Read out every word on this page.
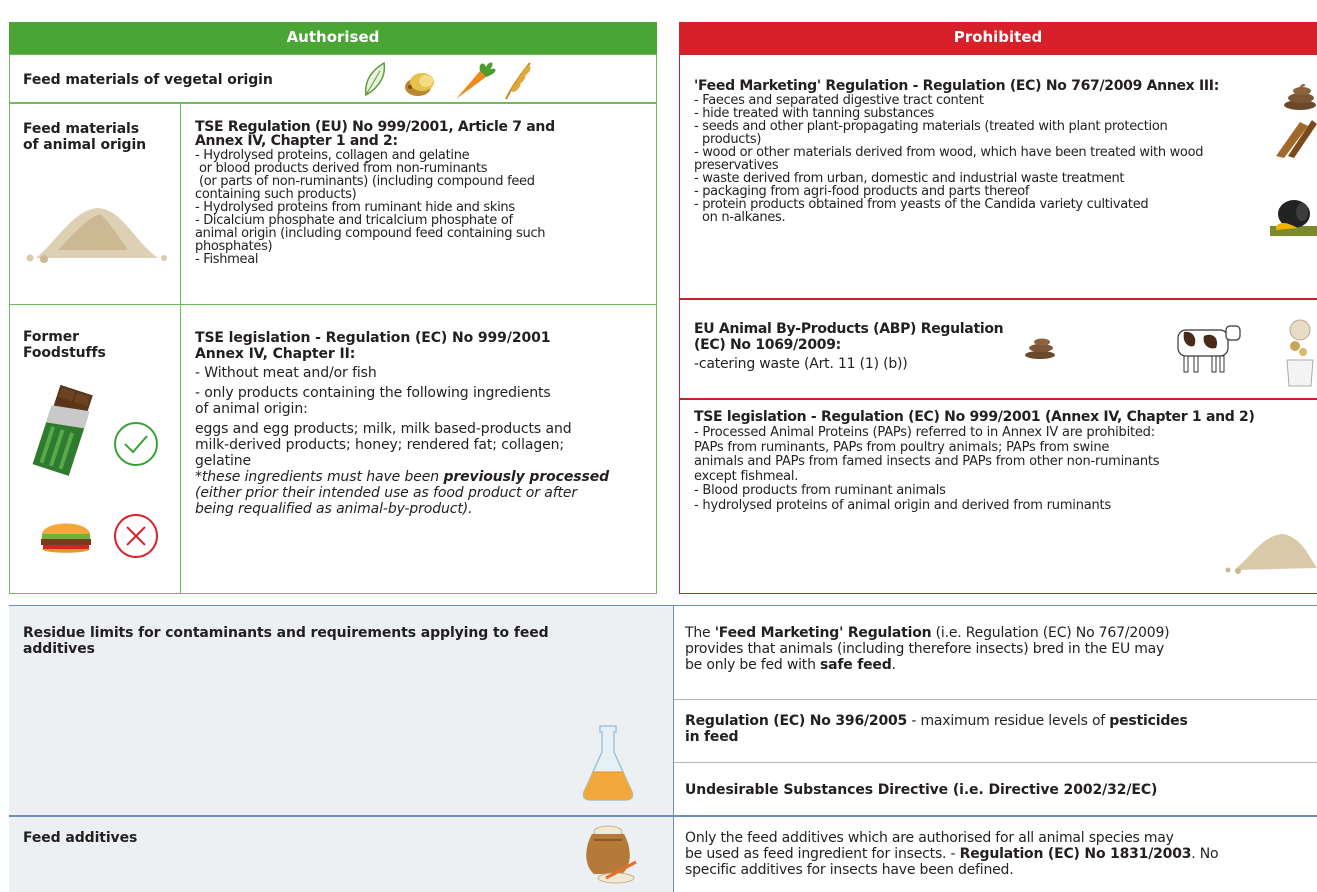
Authorised
Feed materials of vegetal origin
Feed materials
of animal origin
TSE Regulation (EU) No 999/2001, Article 7 and
Annex IV, Chapter 1 and 2:
- Hydrolysed proteins, collagen and gelatine
or blood products derived from non-ruminants
(or parts of non-ruminants) (including compound feed
containing such products)
- Hydrolysed proteins from ruminant hide and skins
- Dicalcium phosphate and tricalcium phosphate of
animal origin (including compound feed containing such
phosphates)
- Fishmeal
Former
Foodstuffs
TSE legislation - Regulation (EC) No 999/2001
Annex IV, Chapter II:
- Without meat and/or fish
- only products containing the following ingredients
of animal origin:
eggs and egg products; milk, milk based-products and
milk-derived products; honey; rendered fat; collagen;
gelatine

*these ingredients must have been previously processed

(either prior their intended use as food product or after

being requalified as animal-by-product).

Prohibited
'Feed Marketing' Regulation - Regulation (EC) No 767/2009 Annex III:
- Faeces and separated digestive tract content
- hide treated with tanning substances
- seeds and other plant-propagating materials (treated with plant protection
products)
- wood or other materials derived from wood, which have been treated with wood
preservatives
- waste derived from urban, domestic and industrial waste treatment
- packaging from agri-food products and parts thereof
- protein products obtained from yeasts of the Candida variety cultivated
on n-alkanes.
EU Animal By-Products (ABP) Regulation
(EC) No 1069/2009:
-catering waste (Art. 11 (1) (b))
TSE legislation - Regulation (EC) No 999/2001 (Annex IV, Chapter 1 and 2)
- Processed Animal Proteins (PAPs) referred to in Annex IV are prohibited:
PAPs from ruminants, PAPs from poultry animals; PAPs from swine
animals and PAPs from famed insects and PAPs from other non-ruminants
except fishmeal.
- Blood products from ruminant animals
- hydrolysed proteins of animal origin and derived from ruminants
Residue limits for contaminants and requirements applying to feed
additives
The 'Feed Marketing' Regulation (i.e. Regulation (EC) No 767/2009)
provides that animals (including therefore insects) bred in the EU may
be only be fed with safe feed.
Regulation (EC) No 396/2005 - maximum residue levels of pesticides
in feed
Undesirable Substances Directive (i.e. Directive 2002/32/EC)
Feed additives	Only the feed additives which are authorised for all animal species may
be used as feed ingredient for insects. - Regulation (EC) No 1831/2003. No
specific additives for insects have been defined.
